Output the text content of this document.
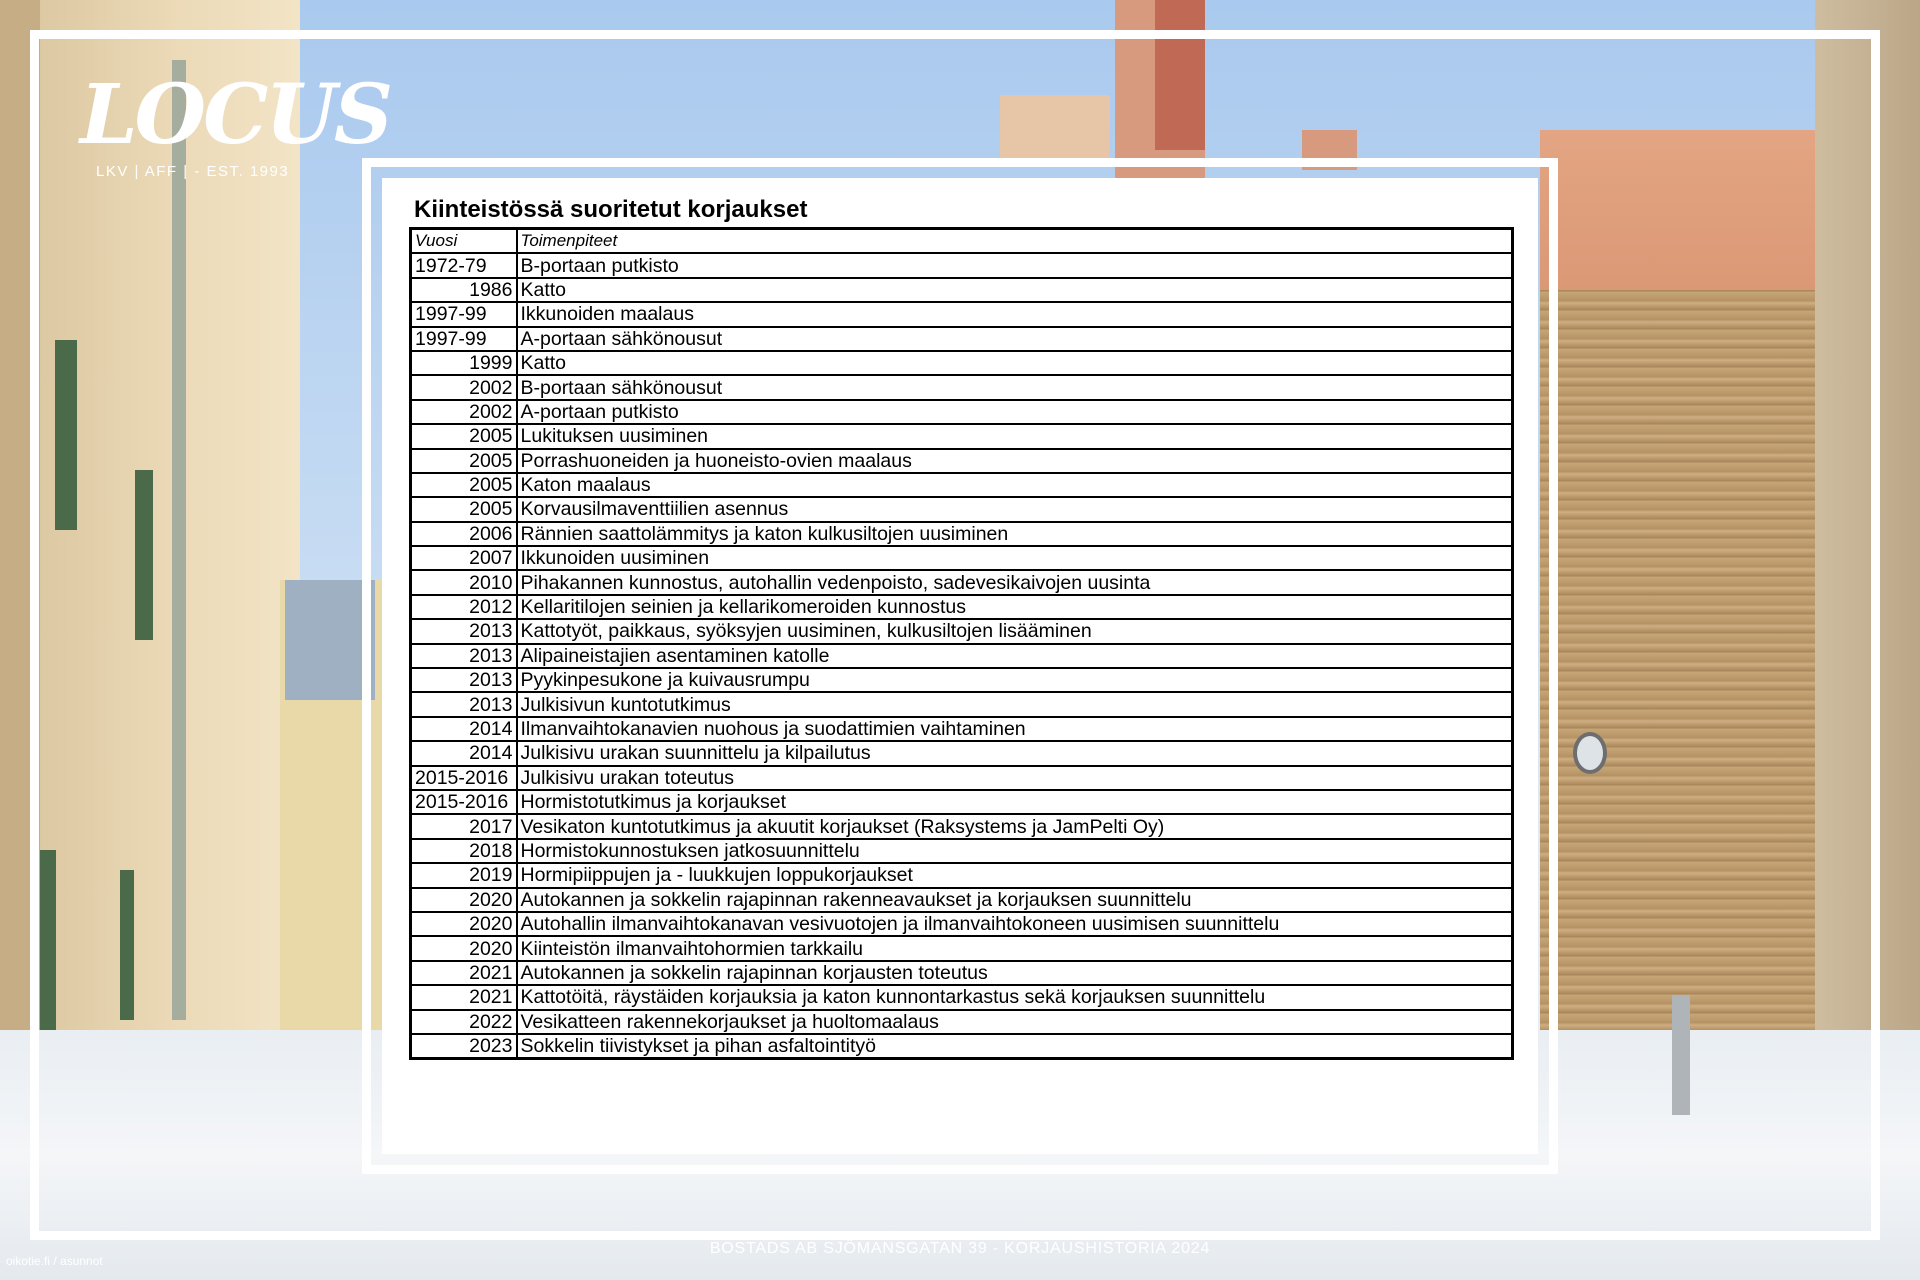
LOCUS
LKV | AFF | - EST. 1993
Kiinteistössä suoritetut korjaukset
Vuosi	Toimenpiteet
1972-79	B-portaan putkisto
1986	Katto
1997-99	Ikkunoiden maalaus
1997-99	A-portaan sähkönousut
1999	Katto
2002	B-portaan sähkönousut
2002	A-portaan putkisto
2005	Lukituksen uusiminen
2005	Porrashuoneiden ja huoneisto-ovien maalaus
2005	Katon maalaus
2005	Korvausilmaventtiilien asennus
2006	Rännien saattolämmitys ja katon kulkusiltojen uusiminen
2007	Ikkunoiden uusiminen
2010	Pihakannen kunnostus, autohallin vedenpoisto, sadevesikaivojen uusinta
2012	Kellaritilojen seinien ja kellarikomeroiden kunnostus
2013	Kattotyöt, paikkaus, syöksyjen uusiminen, kulkusiltojen lisääminen
2013	Alipaineistajien asentaminen katolle
2013	Pyykinpesukone ja kuivausrumpu
2013	Julkisivun kuntotutkimus
2014	Ilmanvaihtokanavien nuohous ja suodattimien vaihtaminen
2014	Julkisivu urakan suunnittelu ja kilpailutus
2015-2016	Julkisivu urakan toteutus
2015-2016	Hormistotutkimus ja korjaukset
2017	Vesikaton kuntotutkimus ja akuutit korjaukset (Raksystems ja JamPelti Oy)
2018	Hormistokunnostuksen jatkosuunnittelu
2019	Hormipiippujen ja - luukkujen loppukorjaukset
2020	Autokannen ja sokkelin rajapinnan rakenneavaukset ja korjauksen suunnittelu
2020	Autohallin ilmanvaihtokanavan vesivuotojen ja ilmanvaihtokoneen uusimisen suunnittelu
2020	Kiinteistön ilmanvaihtohormien tarkkailu
2021	Autokannen ja sokkelin rajapinnan korjausten toteutus
2021	Kattotöitä, räystäiden korjauksia ja katon kunnontarkastus sekä korjauksen suunnittelu
2022	Vesikatteen rakennekorjaukset ja huoltomaalaus
2023	Sokkelin tiivistykset ja pihan asfaltointityö
BOSTADS AB SJÖMANSGATAN 39 - KORJAUSHISTORIA 2024
oikotie.fi / asunnot
